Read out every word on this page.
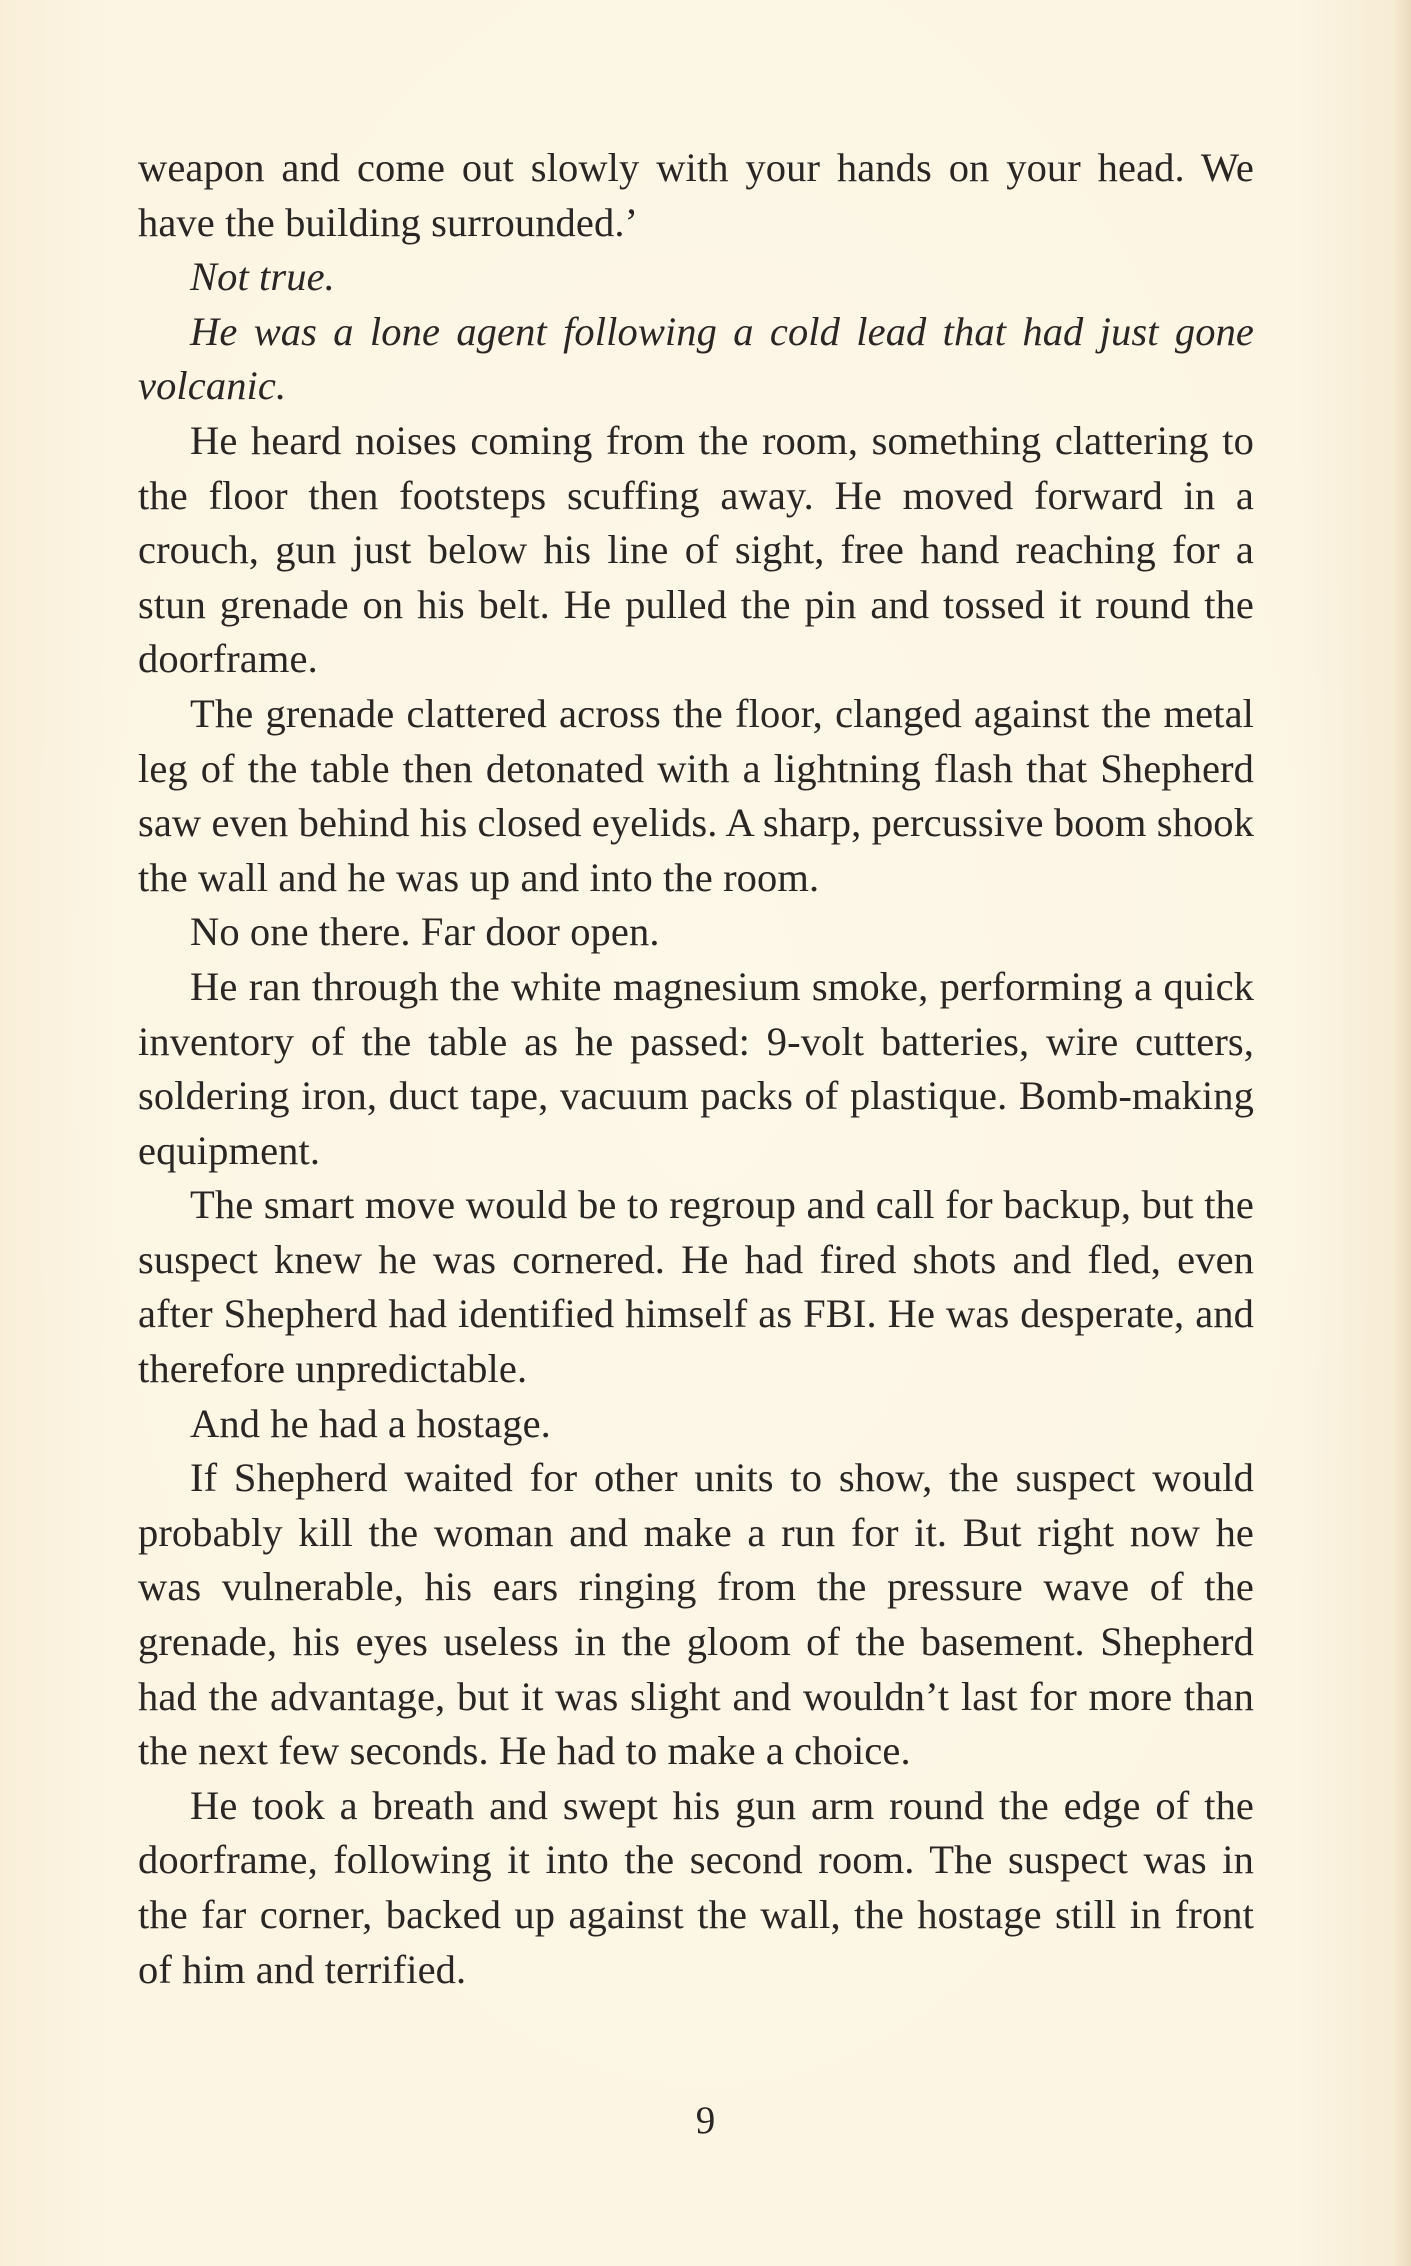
weapon and come out slowly with your hands on your head. We have the building surrounded.’

Not true.

He was a lone agent following a cold lead that had just gone volcanic.

He heard noises coming from the room, something clattering to the floor then footsteps scuffing away. He moved forward in a crouch, gun just below his line of sight, free hand reaching for a stun grenade on his belt. He pulled the pin and tossed it round the doorframe.

The grenade clattered across the floor, clanged against the metal leg of the table then detonated with a lightning flash that Shepherd saw even behind his closed eyelids. A sharp, percussive boom shook the wall and he was up and into the room.

No one there. Far door open.

He ran through the white magnesium smoke, performing a quick inventory of the table as he passed: 9-volt batteries, wire cutters, soldering iron, duct tape, vacuum packs of plastique. Bomb-making equipment.

The smart move would be to regroup and call for backup, but the suspect knew he was cornered. He had fired shots and fled, even after Shepherd had identified himself as FBI. He was desperate, and therefore unpredictable.

And he had a hostage.

If Shepherd waited for other units to show, the suspect would probably kill the woman and make a run for it. But right now he was vulnerable, his ears ringing from the pressure wave of the grenade, his eyes useless in the gloom of the basement. Shepherd had the advantage, but it was slight and wouldn’t last for more than the next few seconds. He had to make a choice.

He took a breath and swept his gun arm round the edge of the doorframe, following it into the second room. The suspect was in the far corner, backed up against the wall, the hostage still in front of him and terrified.

9
